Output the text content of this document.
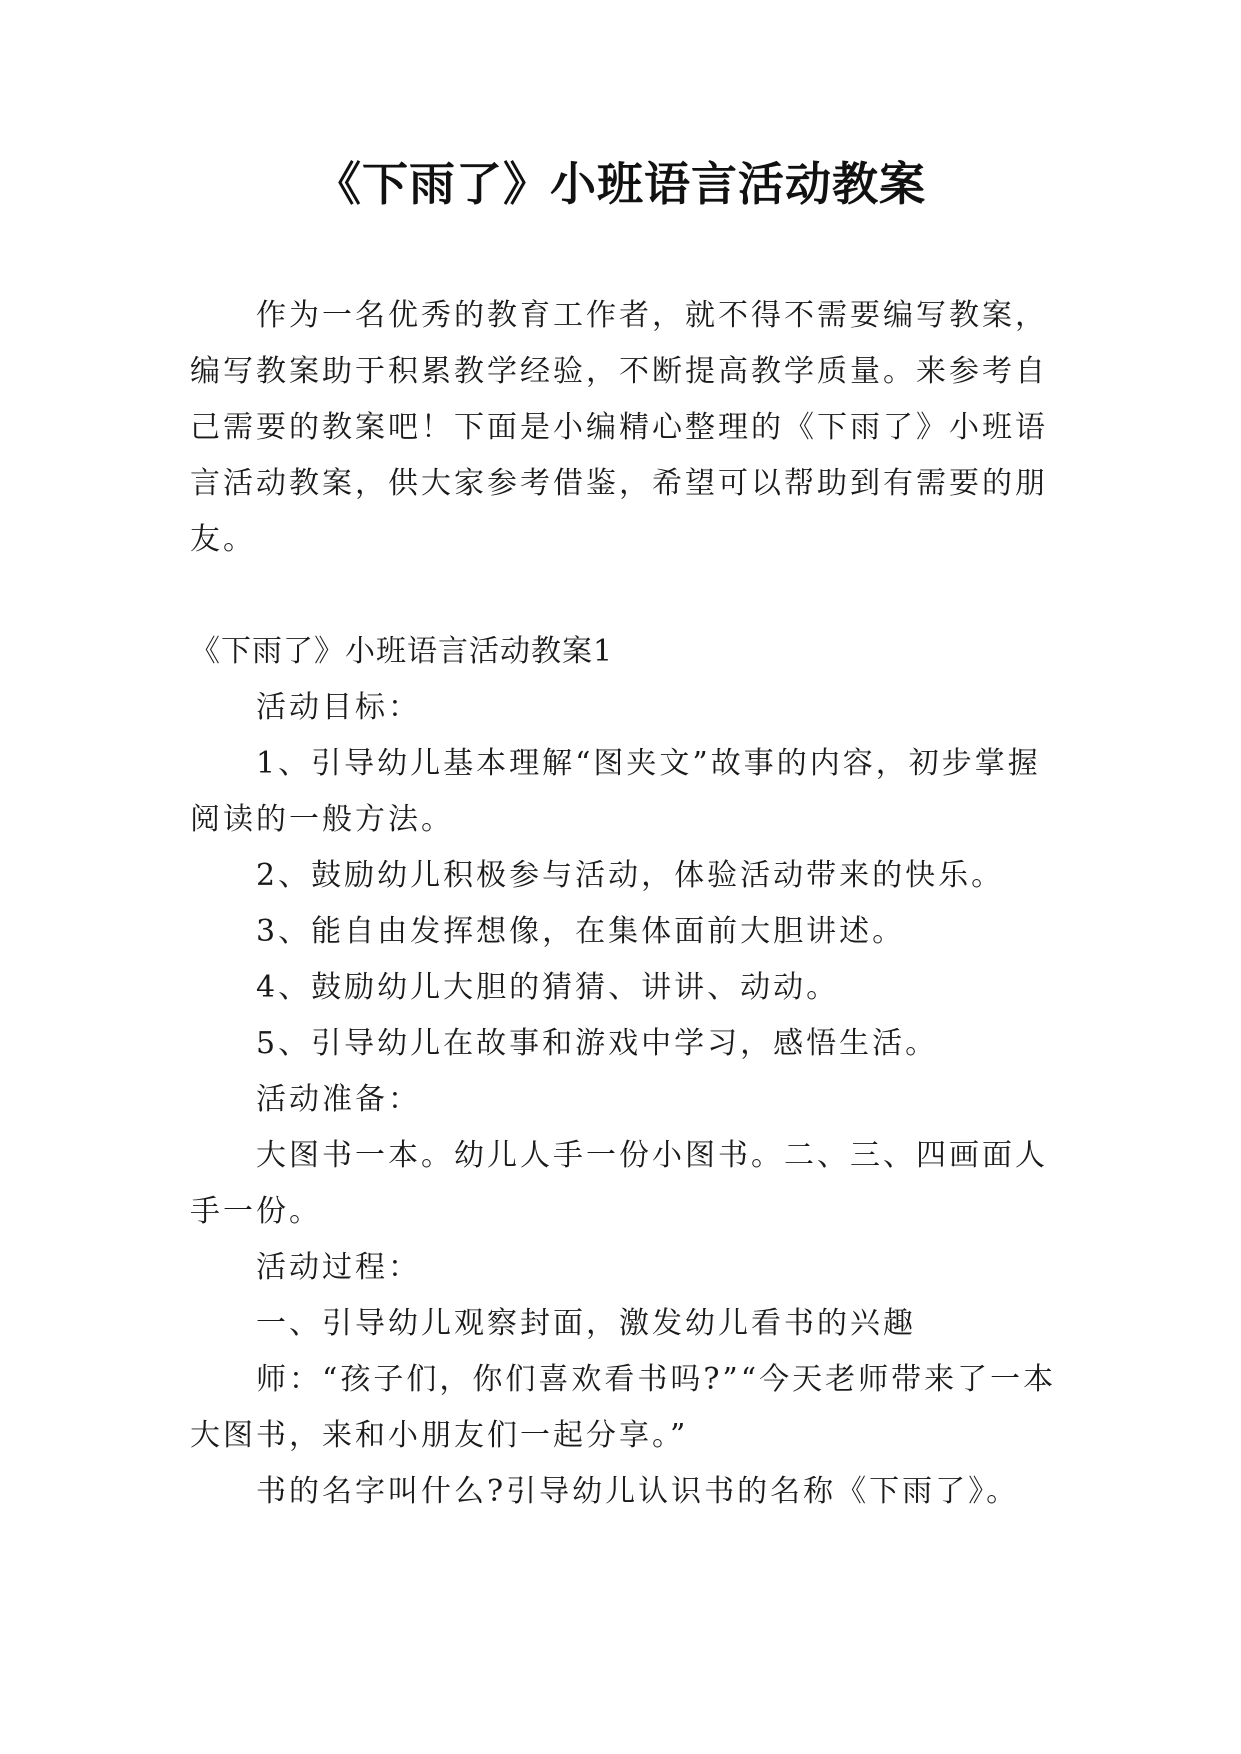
《下雨了》小班语言活动教案

作为一名优秀的教育工作者，就不得不需要编写教案，编写教案助于积累教学经验，不断提高教学质量。来参考自己需要的教案吧！下面是小编精心整理的《下雨了》小班语言活动教案，供大家参考借鉴，希望可以帮助到有需要的朋友。

《下雨了》小班语言活动教案1

活动目标：

1、引导幼儿基本理解“图夹文”故事的内容，初步掌握阅读的一般方法。

2、鼓励幼儿积极参与活动，体验活动带来的快乐。

3、能自由发挥想像，在集体面前大胆讲述。

4、鼓励幼儿大胆的猜猜、讲讲、动动。

5、引导幼儿在故事和游戏中学习，感悟生活。

活动准备：

大图书一本。幼儿人手一份小图书。二、三、四画面人手一份。

活动过程：

一、引导幼儿观察封面，激发幼儿看书的兴趣

师：“孩子们，你们喜欢看书吗?”“今天老师带来了一本大图书，来和小朋友们一起分享。”

书的名字叫什么?引导幼儿认识书的名称《下雨了》。
